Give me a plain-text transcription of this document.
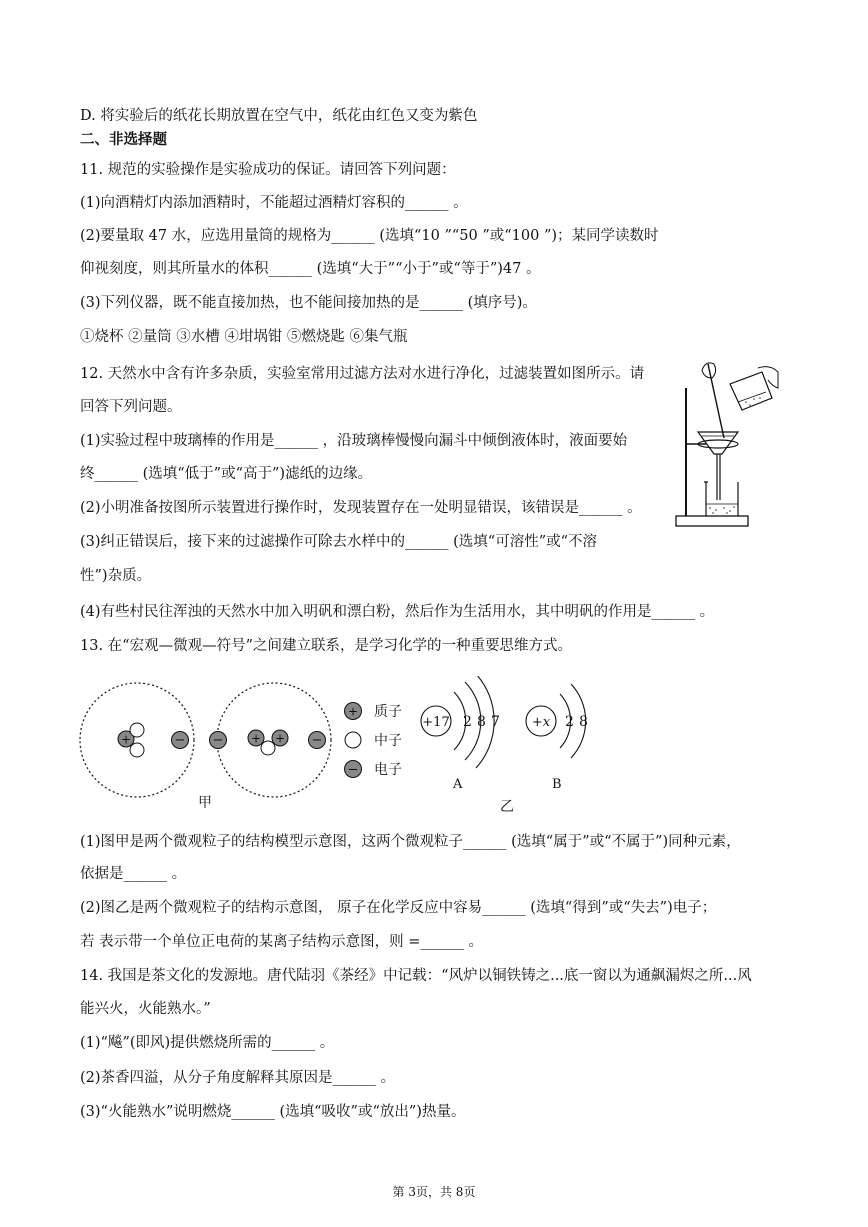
D. 将实验后的纸花长期放置在空气中，纸花由红色又变为紫色
二、非选择题
11. 规范的实验操作是实验成功的保证。请回答下列问题：
(1)向酒精灯内添加酒精时，不能超过酒精灯容积的______ 。
(2)要量取 47 水，应选用量筒的规格为______ (选填“10 ”“50 ”或“100 ”)；某同学读数时
仰视刻度，则其所量水的体积______ (选填“大于”“小于”或“等于”)47 。
(3)下列仪器，既不能直接加热，也不能间接加热的是______ (填序号)。
①烧杯 ②量筒 ③水槽 ④坩埚钳 ⑤燃烧匙 ⑥集气瓶
12. 天然水中含有许多杂质，实验室常用过滤方法对水进行净化，过滤装置如图所示。请
回答下列问题。
(1)实验过程中玻璃棒的作用是______ ，沿玻璃棒慢慢向漏斗中倾倒液体时，液面要始
终______ (选填“低于”或“高于”)滤纸的边缘。
(2)小明准备按图所示装置进行操作时，发现装置存在一处明显错误，该错误是______ 。
(3)纠正错误后，接下来的过滤操作可除去水样中的______ (选填“可溶性”或“不溶
性”)杂质。
(4)有些村民往浑浊的天然水中加入明矾和漂白粉，然后作为生活用水，其中明矾的作用是______ 。
13. 在“宏观—微观—符号”之间建立联系，是学习化学的一种重要思维方式。
(1)图甲是两个微观粒子的结构模型示意图，这两个微观粒子______ (选填“属于”或“不属于”)同种元素，
依据是______ 。
(2)图乙是两个微观粒子的结构示意图， 原子在化学反应中容易______ (选填“得到”或“失去”)电子；
若 表示带一个单位正电荷的某离子结构示意图，则 =______ 。
14. 我国是茶文化的发源地。唐代陆羽《茶经》中记载：“风炉以铜铁铸之...底一窗以为通飙漏烬之所...风
能兴火，火能熟水。”
(1)“飚”(即风)提供燃烧所需的______ 。
(2)茶香四溢，从分子角度解释其原因是______ 。
(3)“火能熟水”说明燃烧______ (选填“吸收”或“放出”)热量。
+	− − + + −
+ 质子
中子
− 电子
+17 2 8 7
A
+x 2 8
B
甲	乙
第 3页，共 8页
